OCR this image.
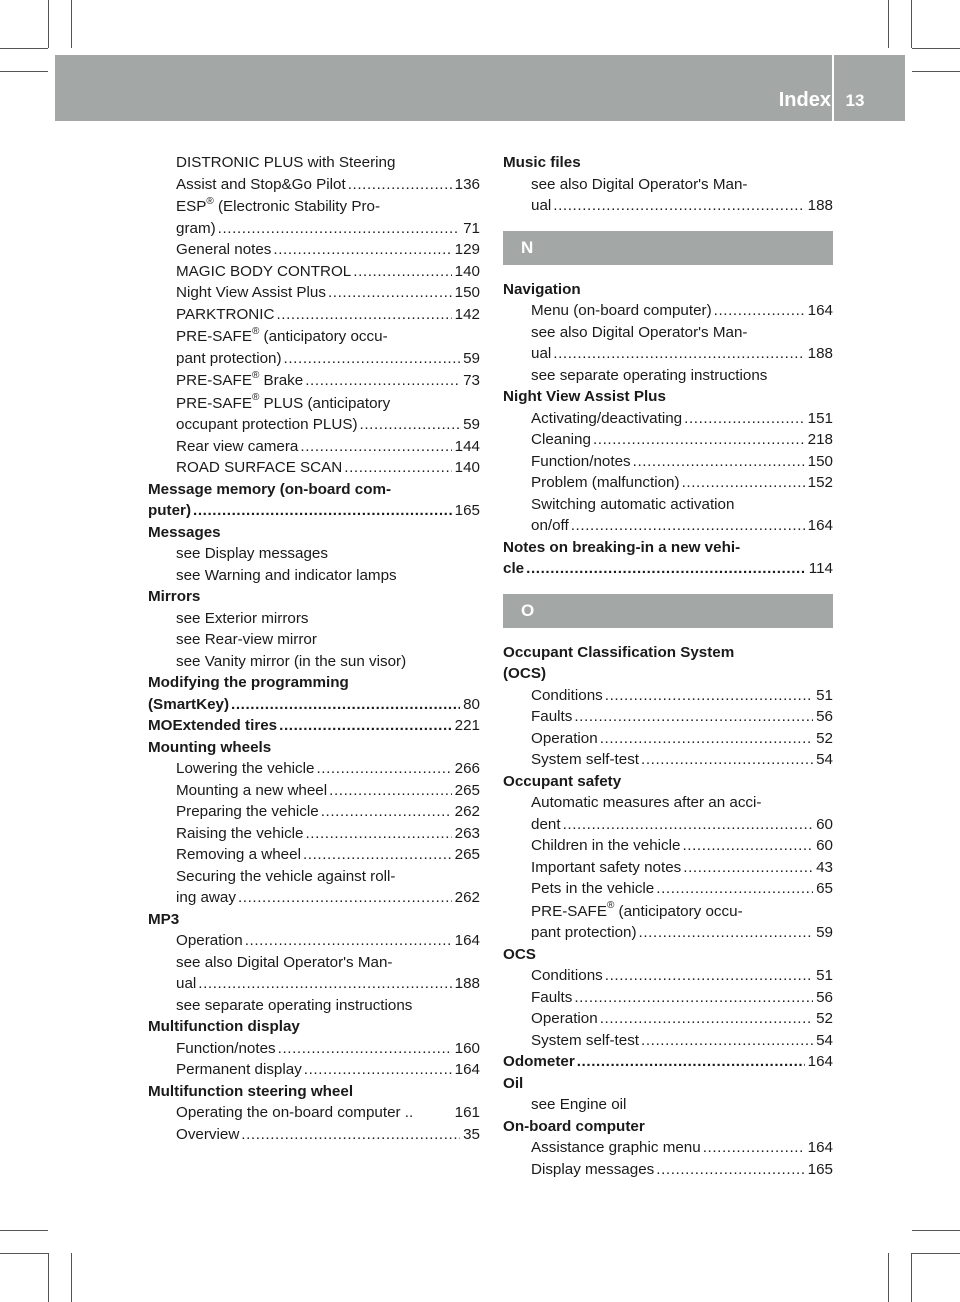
Index 13
DISTRONIC PLUS with Steering
Assist and Stop&Go Pilot .....	136
ESP® (Electronic Stability Pro-
gram) .....	71
General notes .....	129
MAGIC BODY CONTROL .....	140
Night View Assist Plus .....	150
PARKTRONIC .....	142
PRE-SAFE® (anticipatory occu-
pant protection) .....	59
PRE-SAFE® Brake .....	73
PRE-SAFE® PLUS (anticipatory
occupant protection PLUS) .....	59
Rear view camera .....	144
ROAD SURFACE SCAN .....	140
Message memory (on-board com-
puter) .....	165
Messages
see Display messages
see Warning and indicator lamps
Mirrors
see Exterior mirrors
see Rear-view mirror
see Vanity mirror (in the sun visor)
Modifying the programming
(SmartKey) .....	80
MOExtended tires .....	221
Mounting wheels
Lowering the vehicle .....	266
Mounting a new wheel .....	265
Preparing the vehicle .....	262
Raising the vehicle .....	263
Removing a wheel .....	265
Securing the vehicle against roll-
ing away .....	262
MP3
Operation .....	164
see also Digital Operator's Man-
ual .....	188
see separate operating instructions
Multifunction display
Function/notes .....	160
Permanent display .....	164
Multifunction steering wheel
Operating the on-board computer ..	161
Overview .....	35
Music files
see also Digital Operator's Man-
ual .....	188
N
Navigation
Menu (on-board computer) .....	164
see also Digital Operator's Man-
ual .....	188
see separate operating instructions
Night View Assist Plus
Activating/deactivating .....	151
Cleaning .....	218
Function/notes .....	150
Problem (malfunction) .....	152
Switching automatic activation
on/off .....	164
Notes on breaking-in a new vehi-
cle .....	114
O
Occupant Classification System
(OCS)
Conditions .....	51
Faults .....	56
Operation .....	52
System self-test .....	54
Occupant safety
Automatic measures after an acci-
dent .....	60
Children in the vehicle .....	60
Important safety notes .....	43
Pets in the vehicle .....	65
PRE-SAFE® (anticipatory occu-
pant protection) .....	59
OCS
Conditions .....	51
Faults .....	56
Operation .....	52
System self-test .....	54
Odometer .....	164
Oil
see Engine oil
On-board computer
Assistance graphic menu .....	164
Display messages .....	165
